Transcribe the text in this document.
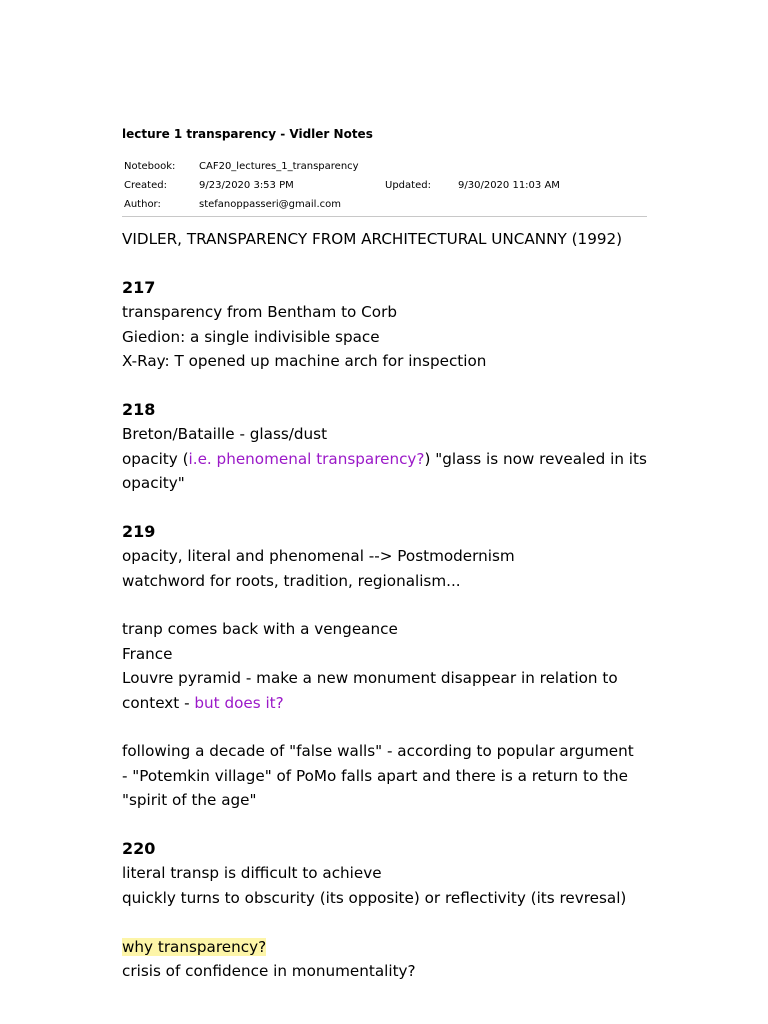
lecture 1 transparency - Vidler Notes
Notebook: CAF20_lectures_1_transparency
Created:	9/23/2020 3:53 PM	Updated:	9/30/2020 11:03 AM
Author:	stefanoppasseri@gmail.com

VIDLER, TRANSPARENCY FROM ARCHITECTURAL UNCANNY (1992)

217

transparency from Bentham to Corb

Giedion: a single indivisible space

X-Ray: T opened up machine arch for inspection

218

Breton/Bataille - glass/dust

opacity (i.e. phenomenal transparency?) "glass is now revealed in its

opacity"

219

opacity, literal and phenomenal --> Postmodernism

watchword for roots, tradition, regionalism...

tranp comes back with a vengeance

France

Louvre pyramid - make a new monument disappear in relation to

context - but does it?

following a decade of "false walls" - according to popular argument

- "Potemkin village" of PoMo falls apart and there is a return to the

"spirit of the age"

220

literal transp is difficult to achieve

quickly turns to obscurity (its opposite) or reflectivity (its revresal)

why transparency?

crisis of confidence in monumentality?
